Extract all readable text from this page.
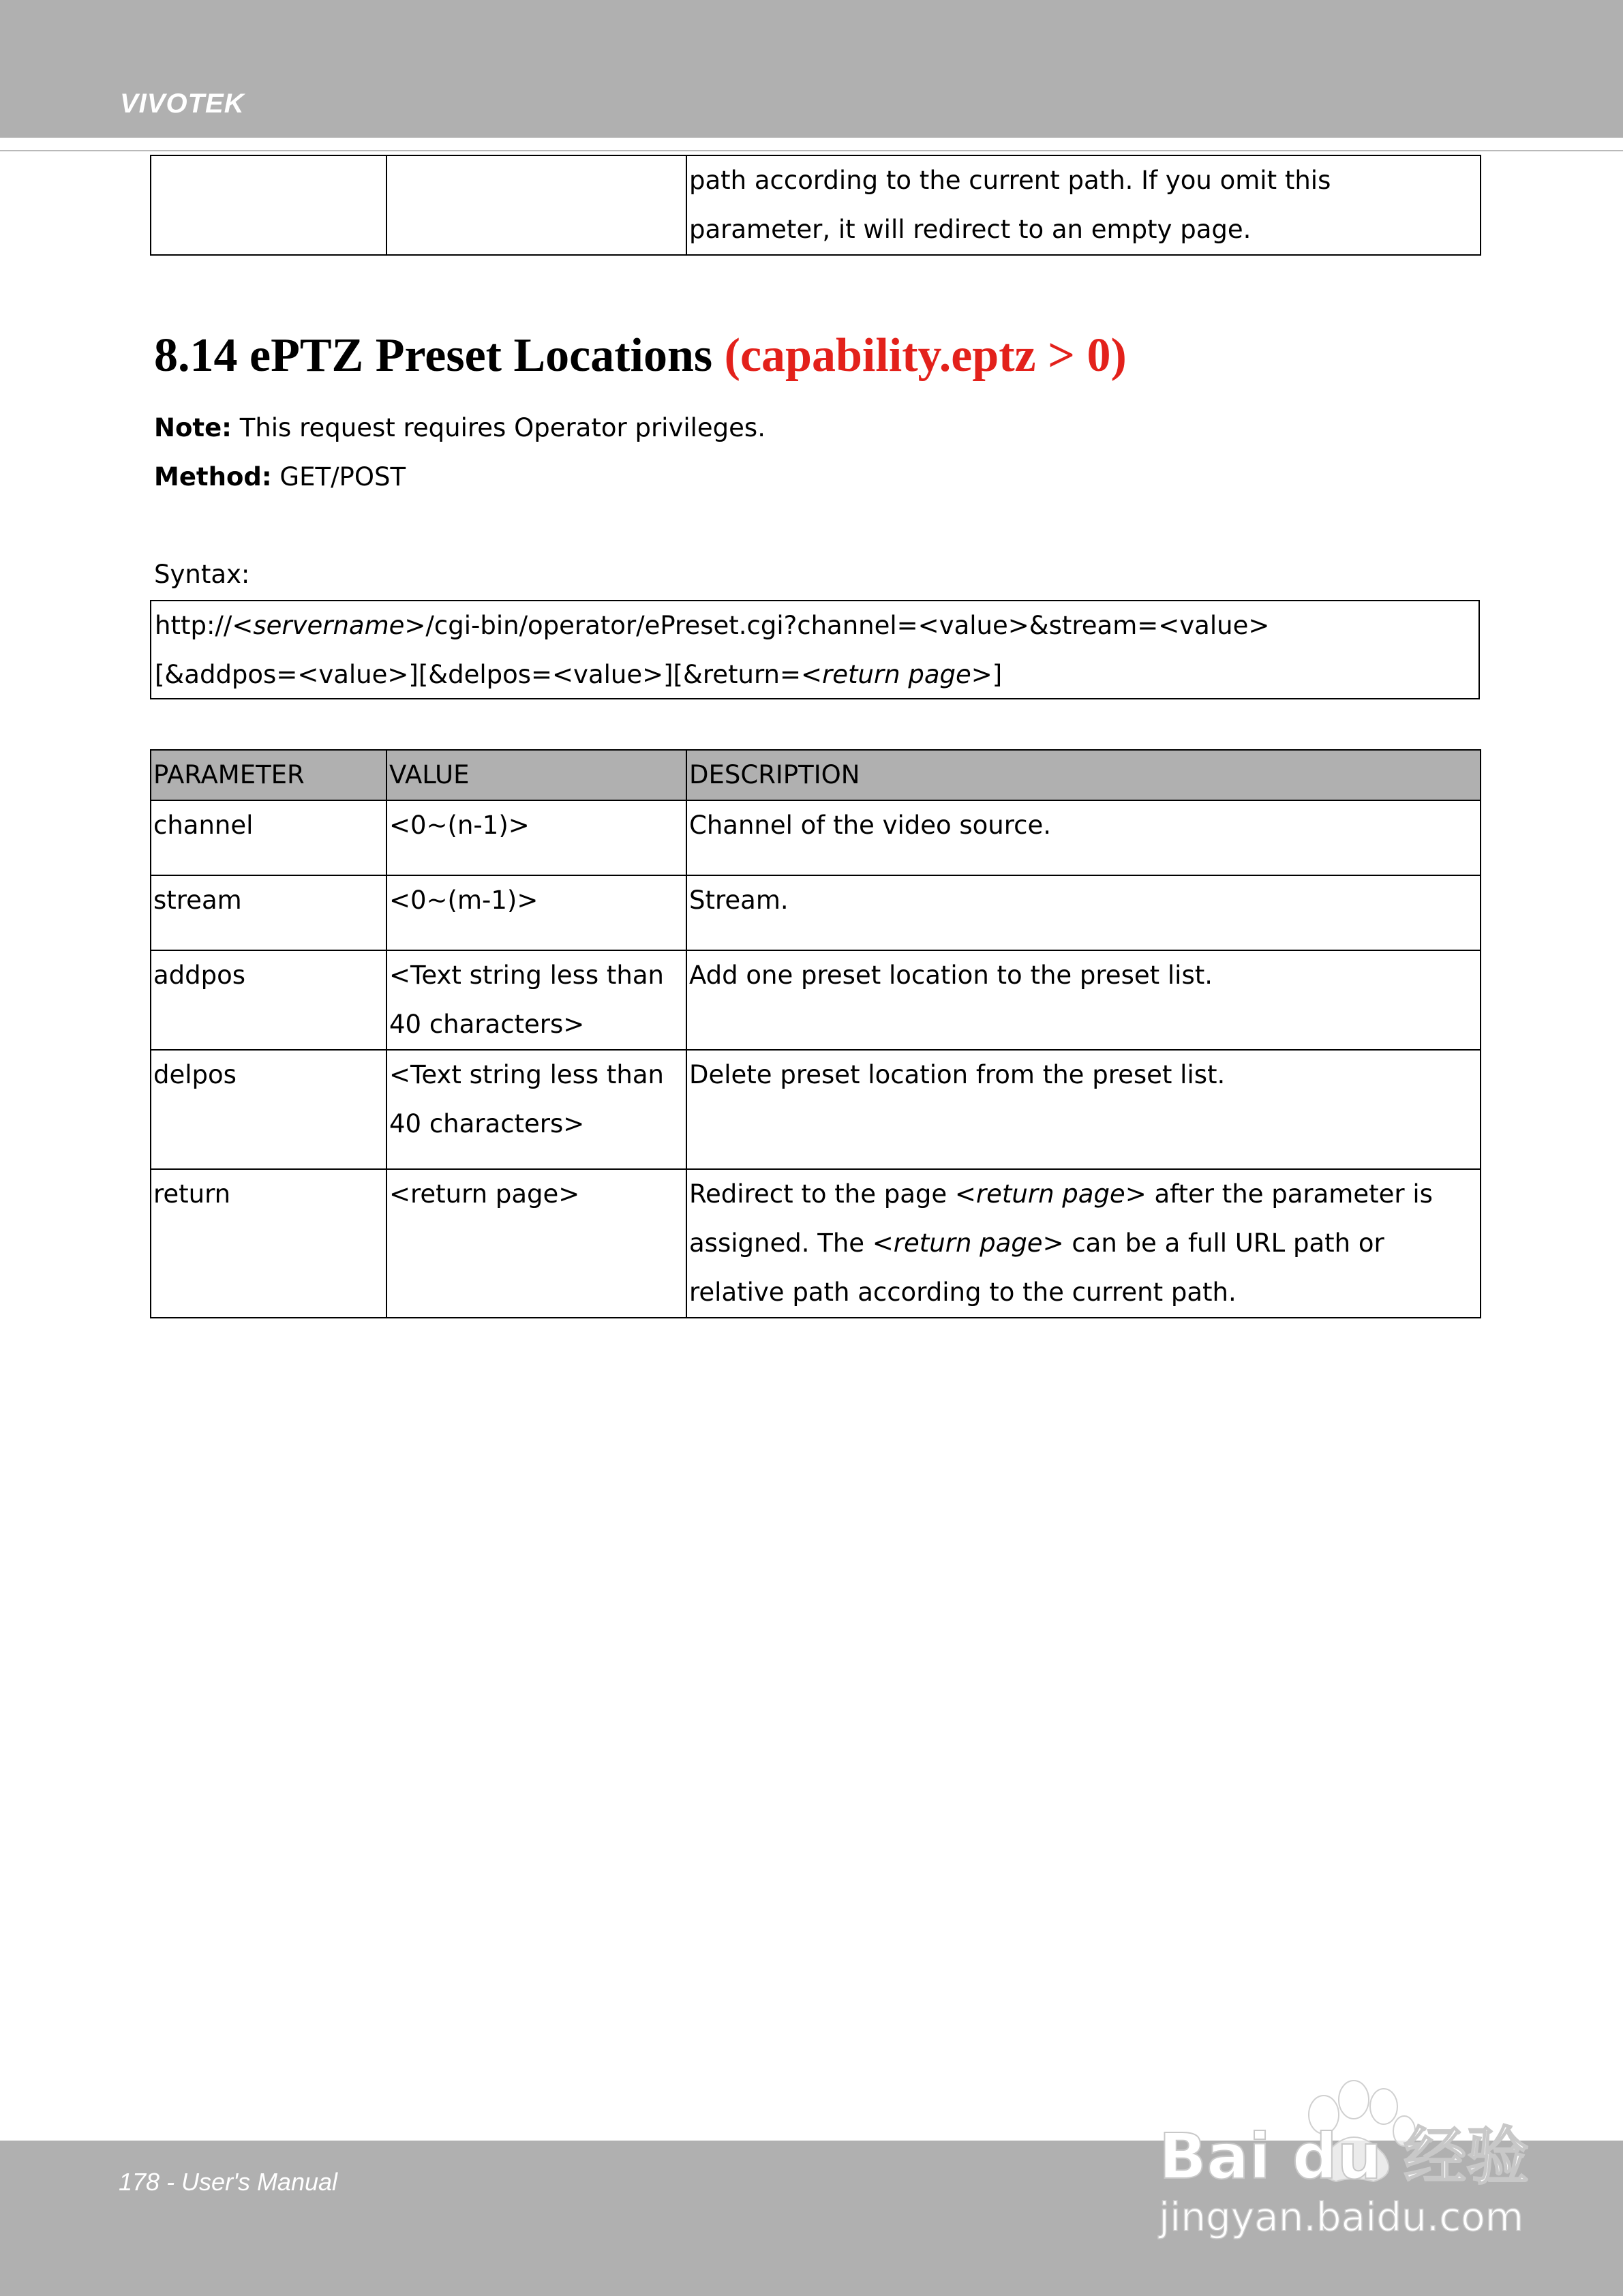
VIVOTEK
		path according to the current path. If you omit this parameter, it will redirect to an empty page.
8.14 ePTZ Preset Locations (capability.eptz > 0)
Note: This request requires Operator privileges.
Method: GET/POST
Syntax:
http://<servername>/cgi-bin/operator/ePreset.cgi?channel=<value>&stream=<value>
[&addpos=<value>][&delpos=<value>][&return=<return page>]
PARAMETER	VALUE	DESCRIPTION
channel	<0~(n-1)>	Channel of the video source.
stream	<0~(m-1)>	Stream.
addpos	<Text string less than 40 characters>	Add one preset location to the preset list.
delpos	<Text string less than 40 characters>	Delete preset location from the preset list.
return	<return page>	Redirect to the page <return page> after the parameter is assigned. The <return page> can be a full URL path or relative path according to the current path.
178 - User's Manual	Bai du 经验
jingyan.baidu.com
